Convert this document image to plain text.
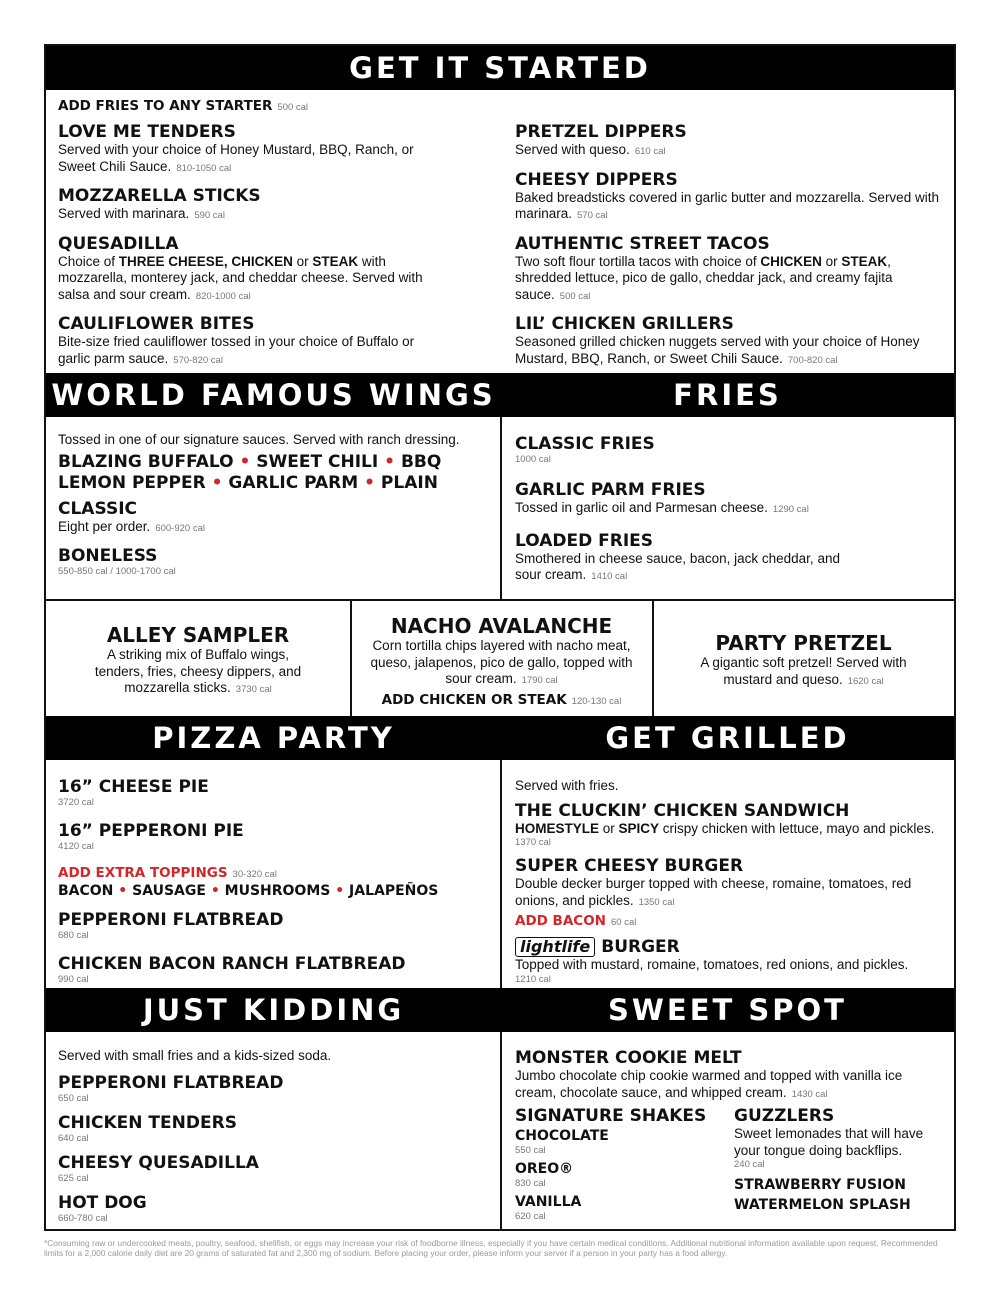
GET IT STARTED
ADD FRIES TO ANY STARTER 500 cal
LOVE ME TENDERS
Served with your choice of Honey Mustard, BBQ, Ranch, or Sweet Chili Sauce. 810-1050 cal
MOZZARELLA STICKS
Served with marinara. 590 cal
QUESADILLA
Choice of THREE CHEESE, CHICKEN or STEAK with mozzarella, monterey jack, and cheddar cheese. Served with salsa and sour cream. 820-1000 cal
CAULIFLOWER BITES
Bite-size fried cauliflower tossed in your choice of Buffalo or garlic parm sauce. 570-820 cal
PRETZEL DIPPERS
Served with queso. 610 cal
CHEESY DIPPERS
Baked breadsticks covered in garlic butter and mozzarella. Served with marinara. 570 cal
AUTHENTIC STREET TACOS
Two soft flour tortilla tacos with choice of CHICKEN or STEAK, shredded lettuce, pico de gallo, cheddar jack, and creamy fajita sauce. 500 cal
LIL’ CHICKEN GRILLERS
Seasoned grilled chicken nuggets served with your choice of Honey Mustard, BBQ, Ranch, or Sweet Chili Sauce. 700-820 cal
WORLD FAMOUS WINGS	FRIES
Tossed in one of our signature sauces. Served with ranch dressing.
BLAZING BUFFALO • SWEET CHILI • BBQ
LEMON PEPPER • GARLIC PARM • PLAIN
CLASSIC
Eight per order. 600-920 cal
BONELESS
550-850 cal / 1000-1700 cal
CLASSIC FRIES
1000 cal
GARLIC PARM FRIES
Tossed in garlic oil and Parmesan cheese. 1290 cal
LOADED FRIES
Smothered in cheese sauce, bacon, jack cheddar, and sour cream. 1410 cal
ALLEY SAMPLER
A striking mix of Buffalo wings, tenders, fries, cheesy dippers, and mozzarella sticks. 3730 cal
NACHO AVALANCHE
Corn tortilla chips layered with nacho meat, queso, jalapenos, pico de gallo, topped with sour cream. 1790 cal
ADD CHICKEN OR STEAK 120-130 cal
PARTY PRETZEL
A gigantic soft pretzel! Served with mustard and queso. 1620 cal
PIZZA PARTY	GET GRILLED
16” CHEESE PIE
3720 cal
16” PEPPERONI PIE
4120 cal
ADD EXTRA TOPPINGS 30-320 cal
BACON • SAUSAGE • MUSHROOMS • JALAPEÑOS
PEPPERONI FLATBREAD
680 cal
CHICKEN BACON RANCH FLATBREAD
990 cal
Served with fries.
THE CLUCKIN’ CHICKEN SANDWICH
HOMESTYLE or SPICY crispy chicken with lettuce, mayo and pickles.
1370 cal
SUPER CHEESY BURGER
Double decker burger topped with cheese, romaine, tomatoes, red onions, and pickles. 1350 cal
ADD BACON 60 cal
lightlife BURGER
Topped with mustard, romaine, tomatoes, red onions, and pickles.
1210 cal
JUST KIDDING	SWEET SPOT
Served with small fries and a kids-sized soda.
PEPPERONI FLATBREAD
650 cal
CHICKEN TENDERS
640 cal
CHEESY QUESADILLA
625 cal
HOT DOG
660-780 cal
MONSTER COOKIE MELT
Jumbo chocolate chip cookie warmed and topped with vanilla ice cream, chocolate sauce, and whipped cream. 1430 cal
SIGNATURE SHAKES
CHOCOLATE
550 cal
OREO®
830 cal
VANILLA
620 cal
GUZZLERS
Sweet lemonades that will have your tongue doing backflips.
240 cal
STRAWBERRY FUSION
WATERMELON SPLASH
*Consuming raw or undercooked meats, poultry, seafood, shellfish, or eggs may increase your risk of foodborne illness, especially if you have certain medical conditions. Additional nutritional information available upon request. Recommended limits for a 2,000 calorie daily diet are 20 grams of saturated fat and 2,300 mg of sodium. Before placing your order, please inform your server if a person in your party has a food allergy.
